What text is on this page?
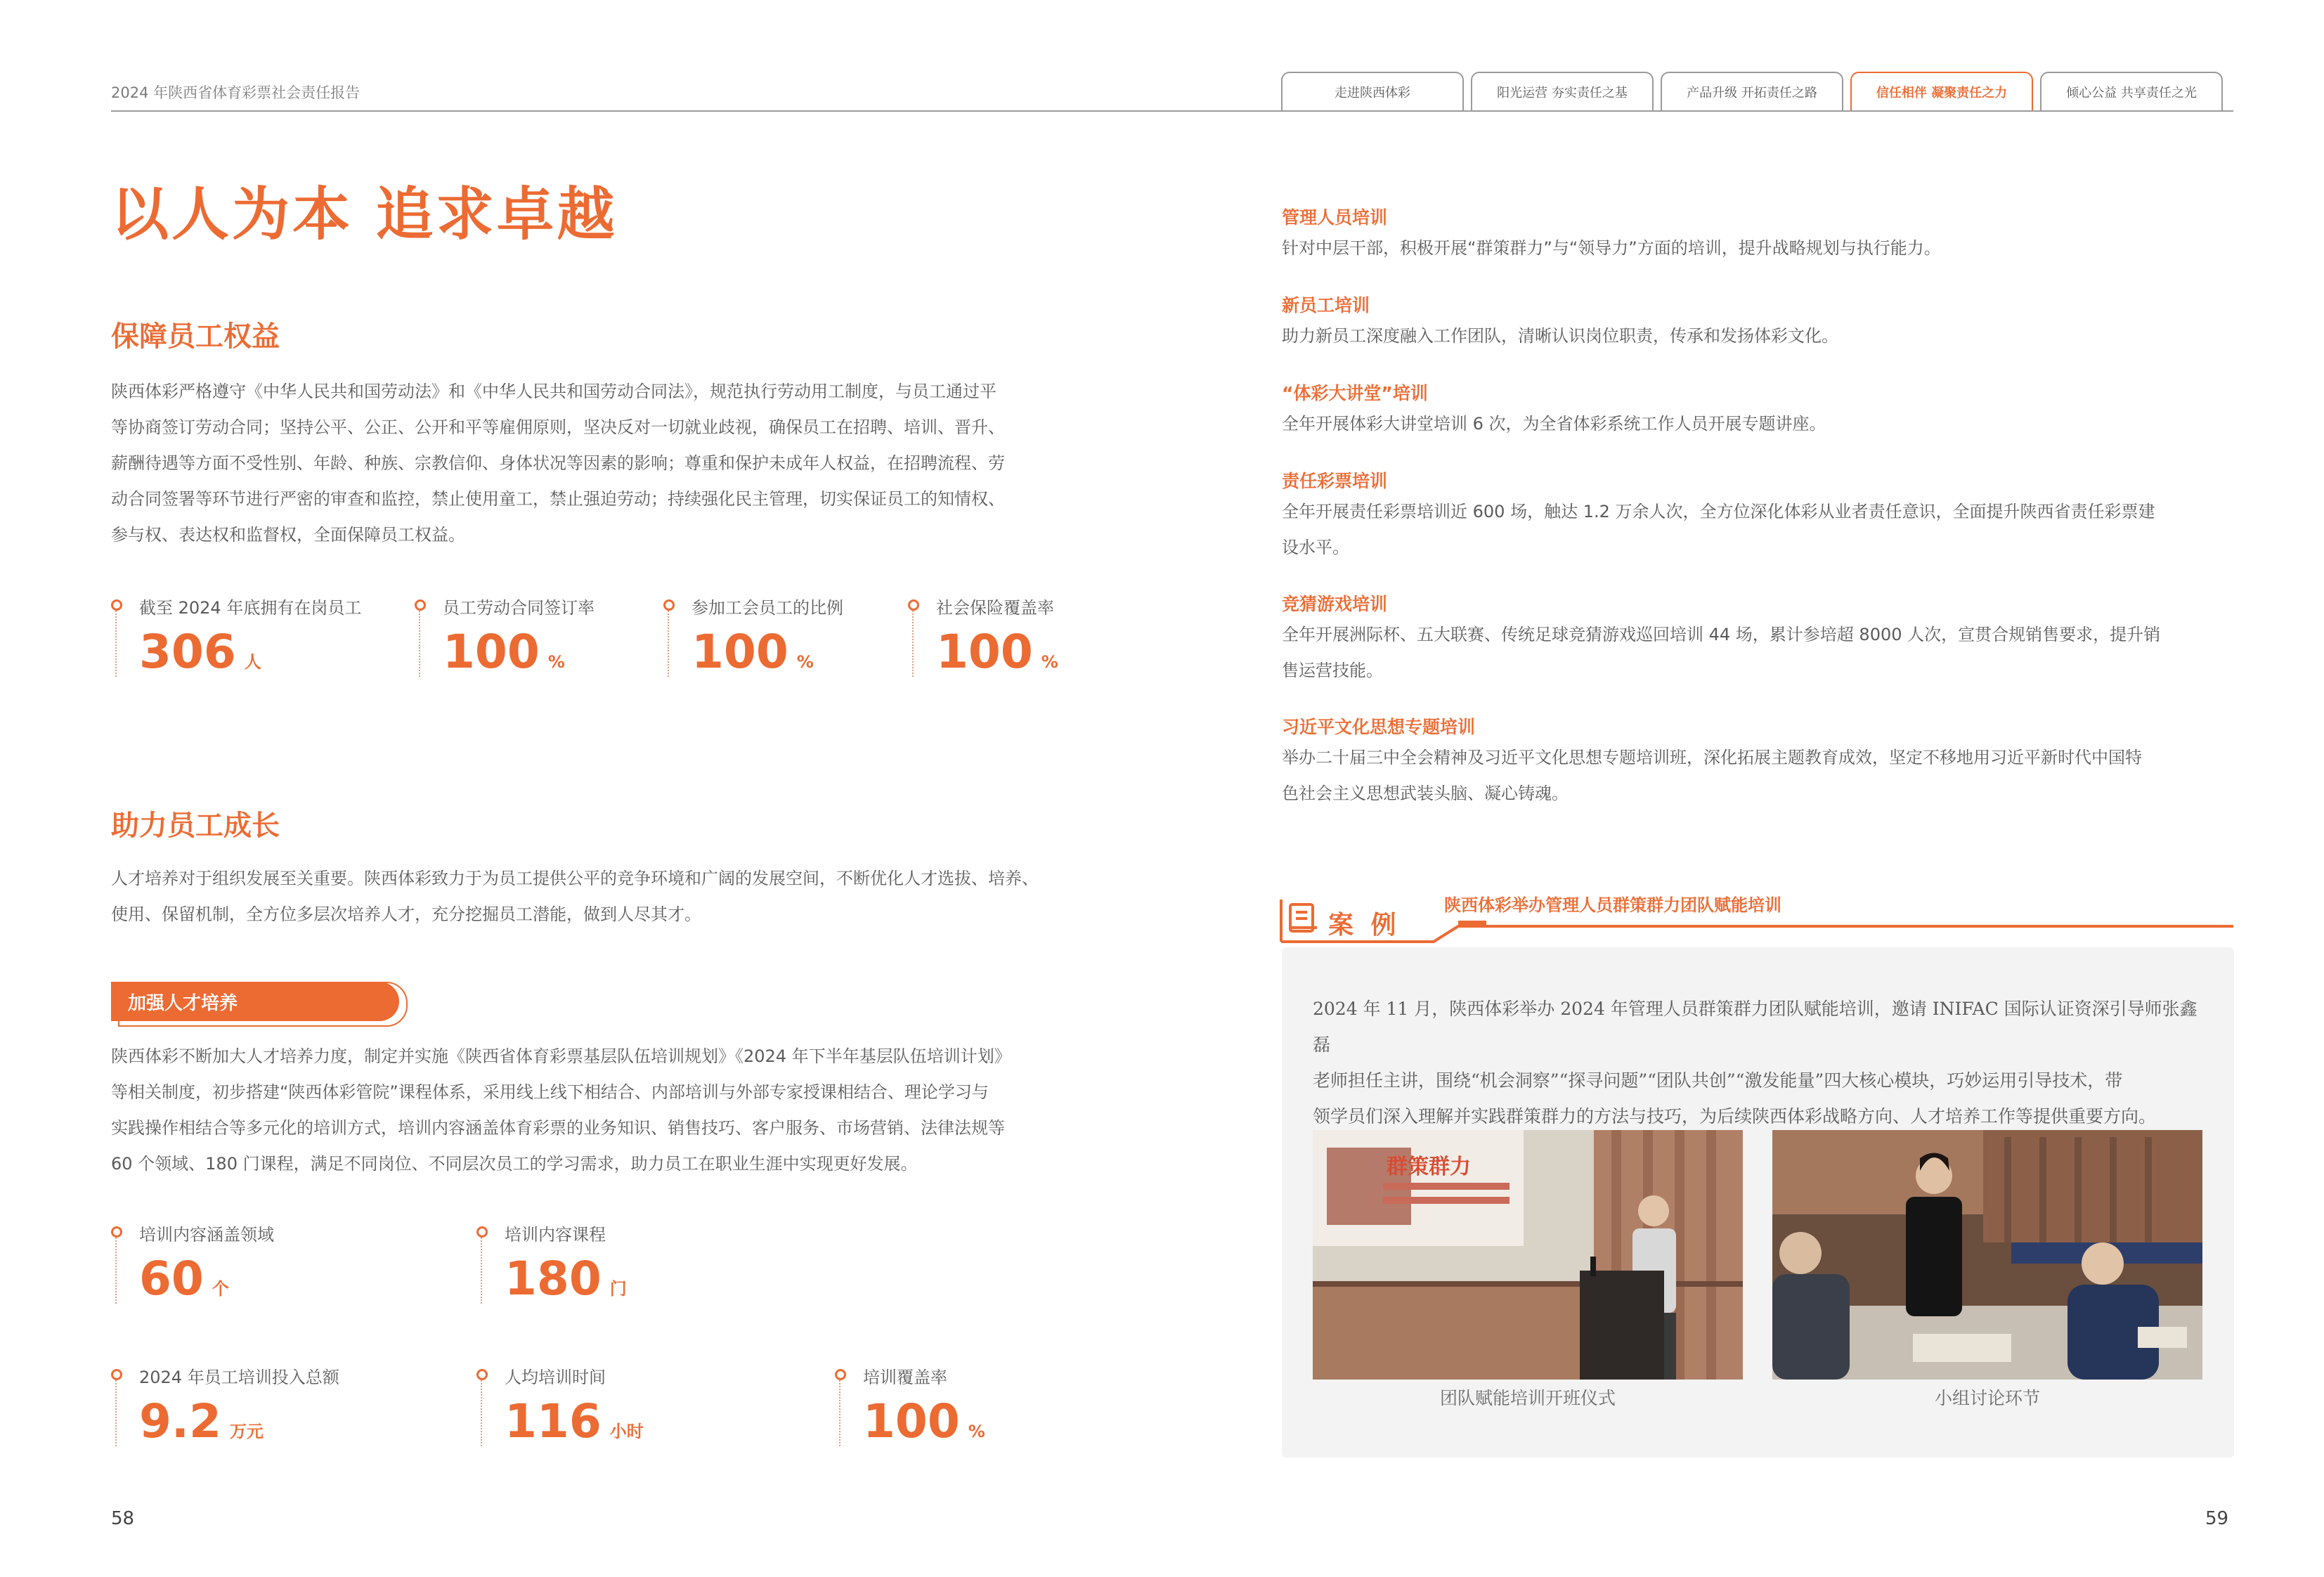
2024 年陕西省体育彩票社会责任报告	走进陕西体彩	阳光运营 夯实责任之基	产品升级 开拓责任之路	信任相伴 凝聚责任之力	倾心公益 共享责任之光
以人为本 追求卓越
保障员工权益
陕西体彩严格遵守《中华人民共和国劳动法》和《中华人民共和国劳动合同法》，规范执行劳动用工制度，与员工通过平
等协商签订劳动合同；坚持公平、公正、公开和平等雇佣原则，坚决反对一切就业歧视，确保员工在招聘、培训、晋升、
薪酬待遇等方面不受性别、年龄、种族、宗教信仰、身体状况等因素的影响；尊重和保护未成年人权益，在招聘流程、劳
动合同签署等环节进行严密的审查和监控，禁止使用童工，禁止强迫劳动；持续强化民主管理，切实保证员工的知情权、
参与权、表达权和监督权，全面保障员工权益。
截至 2024 年底拥有在岗员工
306 人
员工劳动合同签订率
100 %
参加工会员工的比例
100 %
社会保险覆盖率
100 %
助力员工成长
人才培养对于组织发展至关重要。陕西体彩致力于为员工提供公平的竞争环境和广阔的发展空间，不断优化人才选拔、培养、
使用、保留机制，全方位多层次培养人才，充分挖掘员工潜能，做到人尽其才。
加强人才培养
陕西体彩不断加大人才培养力度，制定并实施《陕西省体育彩票基层队伍培训规划》《2024 年下半年基层队伍培训计划》
等相关制度，初步搭建“陕西体彩管院”课程体系，采用线上线下相结合、内部培训与外部专家授课相结合、理论学习与
实践操作相结合等多元化的培训方式，培训内容涵盖体育彩票的业务知识、销售技巧、客户服务、市场营销、法律法规等
60 个领域、180 门课程，满足不同岗位、不同层次员工的学习需求，助力员工在职业生涯中实现更好发展。
培训内容涵盖领域
60 个
培训内容课程
180 门
2024 年员工培训投入总额
9.2 万元
人均培训时间
116 小时
培训覆盖率
100 %
58
管理人员培训
针对中层干部，积极开展“群策群力”与“领导力”方面的培训，提升战略规划与执行能力。
新员工培训
助力新员工深度融入工作团队，清晰认识岗位职责，传承和发扬体彩文化。
“体彩大讲堂”培训
全年开展体彩大讲堂培训 6 次，为全省体彩系统工作人员开展专题讲座。
责任彩票培训
全年开展责任彩票培训近 600 场，触达 1.2 万余人次，全方位深化体彩从业者责任意识，全面提升陕西省责任彩票建
设水平。
竞猜游戏培训
全年开展洲际杯、五大联赛、传统足球竞猜游戏巡回培训 44 场，累计参培超 8000 人次，宣贯合规销售要求，提升销
售运营技能。
习近平文化思想专题培训
举办二十届三中全会精神及习近平文化思想专题培训班，深化拓展主题教育成效，坚定不移地用习近平新时代中国特
色社会主义思想武装头脑、凝心铸魂。
案 例
陕西体彩举办管理人员群策群力团队赋能培训
2024 年 11 月，陕西体彩举办 2024 年管理人员群策群力团队赋能培训，邀请 INIFAC 国际认证资深引导师张鑫磊
老师担任主讲，围绕“机会洞察”“探寻问题”“团队共创”“激发能量”四大核心模块，巧妙运用引导技术，带
领学员们深入理解并实践群策群力的方法与技巧，为后续陕西体彩战略方向、人才培养工作等提供重要方向。
群策群力
团队赋能培训开班仪式	小组讨论环节
59
